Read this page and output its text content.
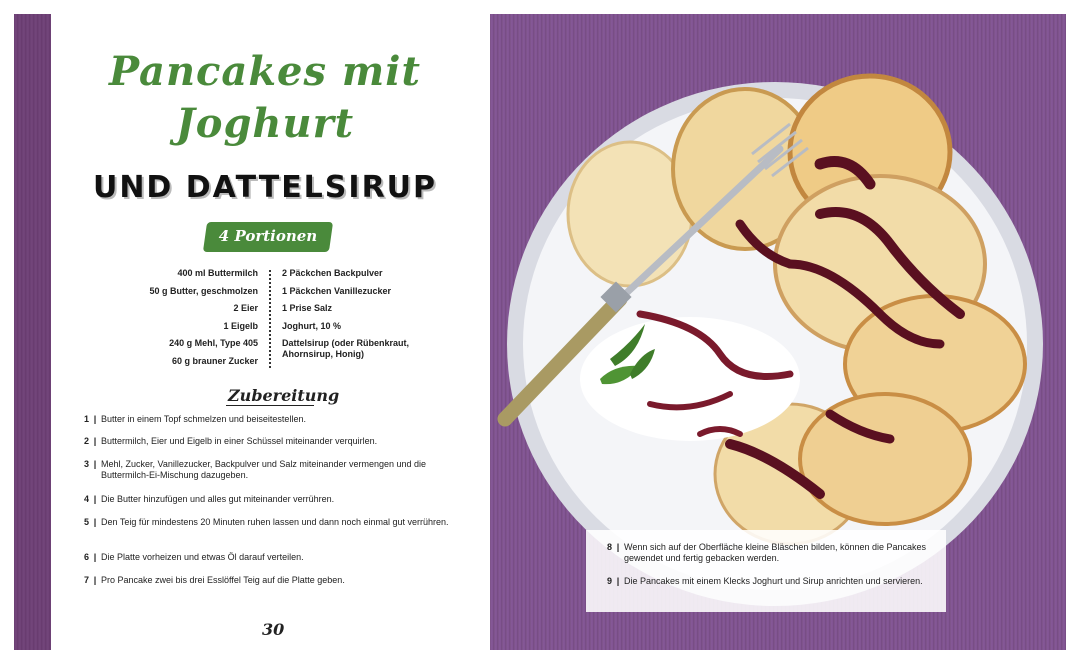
Pancakes mit
Joghurt
UND DATTELSIRUP
4 Portionen
400 ml Buttermilch
50 g Butter, geschmolzen
2 Eier
1 Eigelb
240 g Mehl, Type 405
60 g brauner Zucker
2 Päckchen Backpulver
1 Päckchen Vanillezucker
1 Prise Salz
Joghurt, 10 %
Dattelsirup (oder Rübenkraut, Ahornsirup, Honig)
Zubereitung
1 | Butter in einem Topf schmelzen und beiseitestellen.
2 | Buttermilch, Eier und Eigelb in einer Schüssel miteinander verquirlen.
3 | Mehl, Zucker, Vanillezucker, Backpulver und Salz miteinander vermengen und die Buttermilch-Ei-Mischung dazugeben.
4 | Die Butter hinzufügen und alles gut miteinander verrühren.
5 | Den Teig für mindestens 20 Minuten ruhen lassen und dann noch einmal gut verrühren.
6 | Die Platte vorheizen und etwas Öl darauf verteilen.
7 | Pro Pancake zwei bis drei Esslöffel Teig auf die Platte geben.
30
8 | Wenn sich auf der Oberfläche kleine Bläschen bilden, können die Pancakes gewendet und fertig gebacken werden.
9 | Die Pancakes mit einem Klecks Joghurt und Sirup anrichten und servieren.
